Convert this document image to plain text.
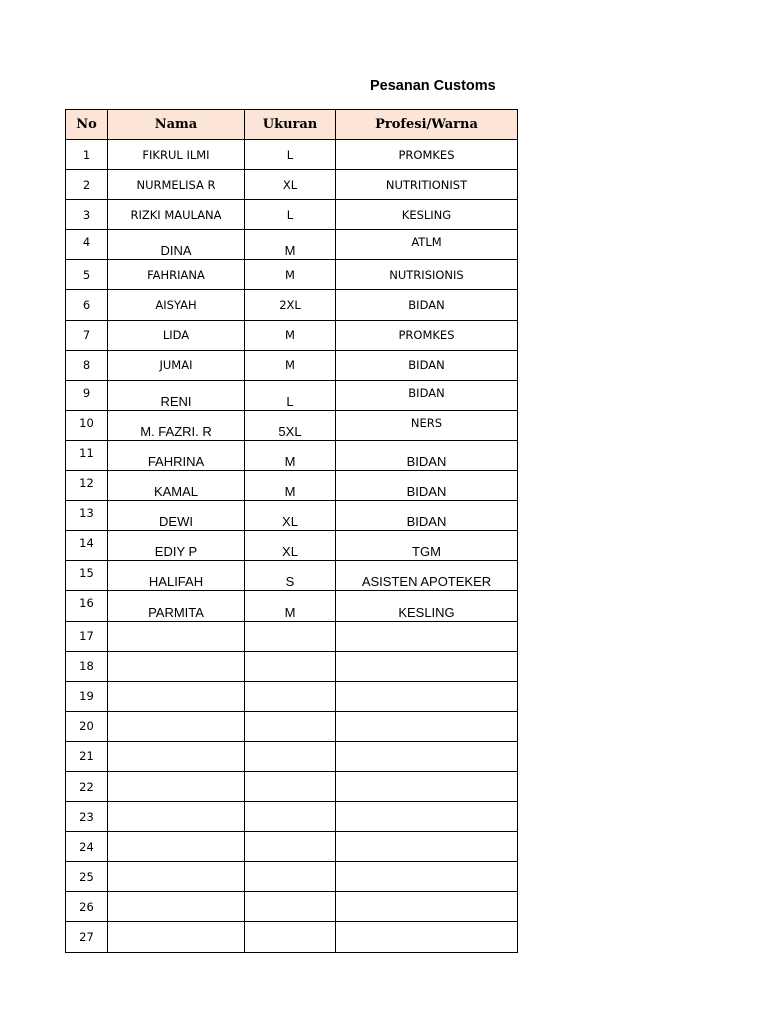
Pesanan Customs
No	Nama	Ukuran	Profesi/Warna
1	FIKRUL ILMI	L	PROMKES
2	NURMELISA R	XL	NUTRITIONIST
3	RIZKI MAULANA	L	KESLING
4	DINA	M	ATLM
5	FAHRIANA	M	NUTRISIONIS
6	AISYAH	2XL	BIDAN
7	LIDA	M	PROMKES
8	JUMAI	M	BIDAN
9	RENI	L	BIDAN
10	M. FAZRI. R	5XL	NERS
11	FAHRINA	M	BIDAN
12	KAMAL	M	BIDAN
13	DEWI	XL	BIDAN
14	EDIY P	XL	TGM
15	HALIFAH	S	ASISTEN APOTEKER
16	PARMITA	M	KESLING
17			
18			
19			
20			
21			
22			
23			
24			
25			
26			
27			
